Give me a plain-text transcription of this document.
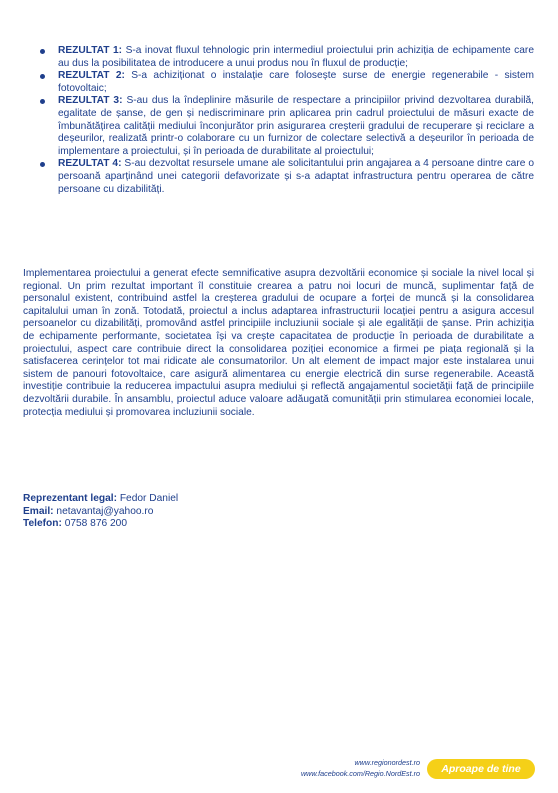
REZULTAT 1: S-a inovat fluxul tehnologic prin intermediul proiectului prin achiziția de echipamente care au dus la posibilitatea de introducere a unui produs nou în fluxul de producție;
REZULTAT 2: S-a achiziționat o instalație care folosește surse de energie regenerabile - sistem fotovoltaic;
REZULTAT 3: S-au dus la îndeplinire măsurile de respectare a principiilor privind dezvoltarea durabilă, egalitate de șanse, de gen și nediscriminare prin aplicarea prin cadrul proiectului de măsuri exacte de îmbunătățirea calității mediului înconjurător prin asigurarea creșterii gradului de recuperare și reciclare a deșeurilor, realizată printr-o colaborare cu un furnizor de colectare selectivă a deșeurilor în perioada de implementare a proiectului, și în perioada de durabilitate al proiectului;
REZULTAT 4: S-au dezvoltat resursele umane ale solicitantului prin angajarea a 4 persoane dintre care o persoană aparținând unei categorii defavorizate și s-a adaptat infrastructura pentru operarea de către persoane cu dizabilități.

Implementarea proiectului a generat efecte semnificative asupra dezvoltării economice și sociale la nivel local și regional. Un prim rezultat important îl constituie crearea a patru noi locuri de muncă, suplimentar față de personalul existent, contribuind astfel la creșterea gradului de ocupare a forței de muncă și la consolidarea capitalului uman în zonă. Totodată, proiectul a inclus adaptarea infrastructurii locației pentru a asigura accesul persoanelor cu dizabilități, promovând astfel principiile incluziunii sociale și ale egalității de șanse. Prin achiziția de echipamente performante, societatea își va crește capacitatea de producție în perioada de durabilitate a proiectului, aspect care contribuie direct la consolidarea poziției economice a firmei pe piața regională și la satisfacerea cerințelor tot mai ridicate ale consumatorilor. Un alt element de impact major este instalarea unui sistem de panouri fotovoltaice, care asigură alimentarea cu energie electrică din surse regenerabile. Această investiție contribuie la reducerea impactului asupra mediului și reflectă angajamentul societății față de principiile dezvoltării durabile. În ansamblu, proiectul aduce valoare adăugată comunității prin stimularea economiei locale, protecția mediului și promovarea incluziunii sociale.

Reprezentant legal: Fedor Daniel
Email: netavantaj@yahoo.ro
Telefon: 0758 876 200
www.regionordest.ro
www.facebook.com/Regio.NordEst.ro	Aproape de tine
